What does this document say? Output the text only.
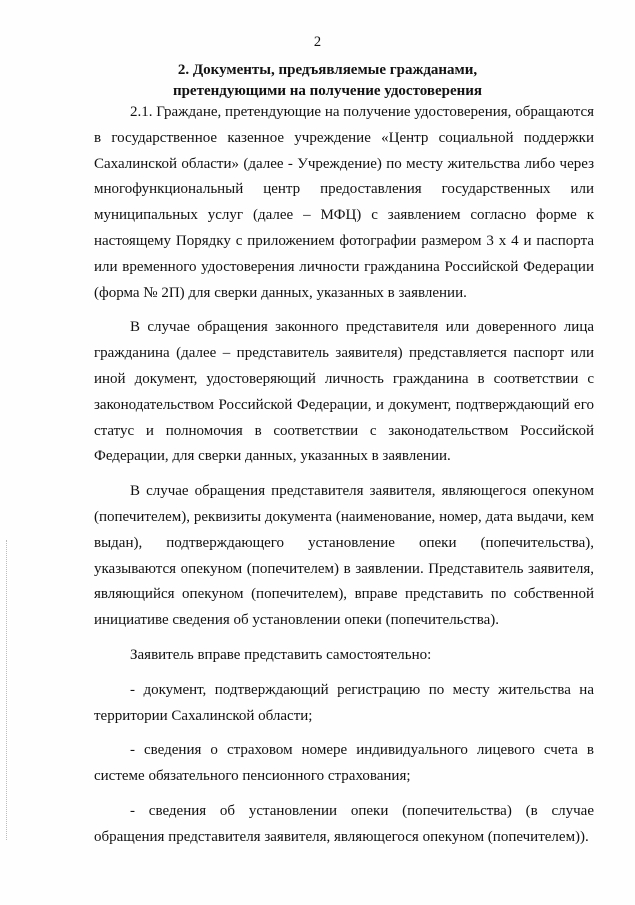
2
2. Документы, предъявляемые гражданами,
претендующими на получение удостоверения

2.1. Граждане, претендующие на получение удостоверения, обращаются в государственное казенное учреждение «Центр социальной поддержки Сахалинской области» (далее - Учреждение) по месту жительства либо через многофункциональный центр предоставления государственных или муниципальных услуг (далее – МФЦ) с заявлением согласно форме к настоящему Порядку с приложением фотографии размером 3 х 4 и паспорта или временного удостоверения личности гражданина Российской Федерации (форма № 2П) для сверки данных, указанных в заявлении.

В случае обращения законного представителя или доверенного лица гражданина (далее – представитель заявителя) представляется паспорт или иной документ, удостоверяющий личность гражданина в соответствии с законодательством Российской Федерации, и документ, подтверждающий его статус и полномочия в соответствии с законодательством Российской Федерации, для сверки данных, указанных в заявлении.

В случае обращения представителя заявителя, являющегося опекуном (попечителем), реквизиты документа (наименование, номер, дата выдачи, кем выдан), подтверждающего установление опеки (попечительства), указываются опекуном (попечителем) в заявлении. Представитель заявителя, являющийся опекуном (попечителем), вправе представить по собственной инициативе сведения об установлении опеки (попечительства).

Заявитель вправе представить самостоятельно:

- документ, подтверждающий регистрацию по месту жительства на территории Сахалинской области;

- сведения о страховом номере индивидуального лицевого счета в системе обязательного пенсионного страхования;

- сведения об установлении опеки (попечительства) (в случае обращения представителя заявителя, являющегося опекуном (попечителем)).
